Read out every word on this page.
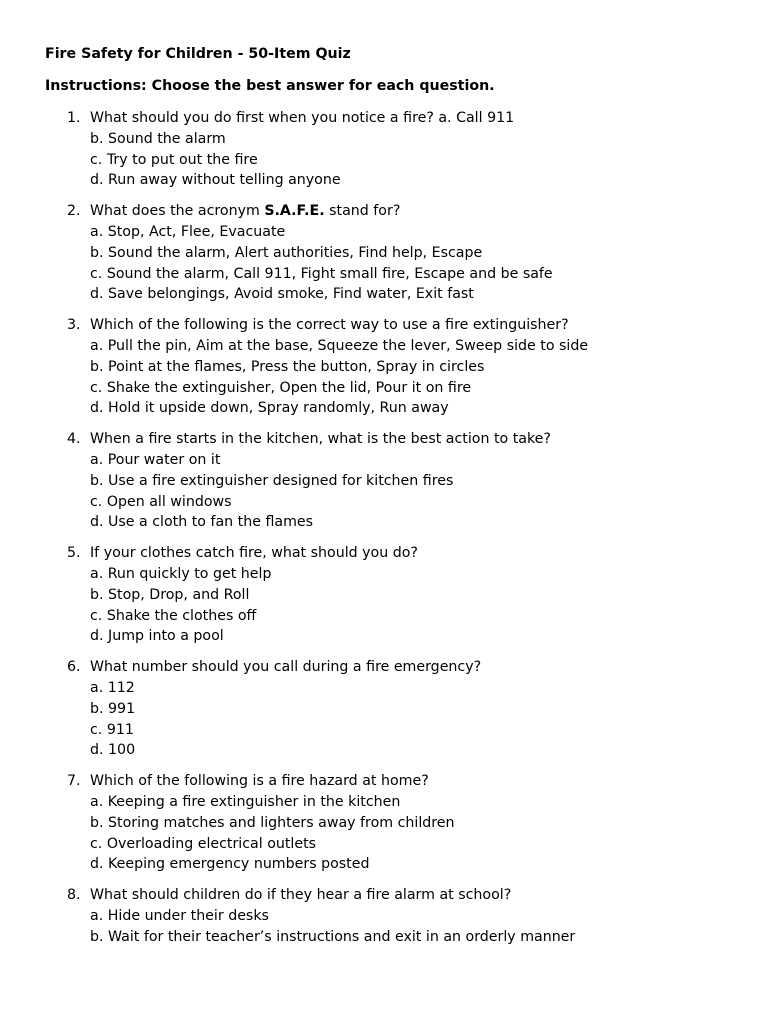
Fire Safety for Children - 50-Item Quiz
Instructions: Choose the best answer for each question.
1. What should you do first when you notice a fire? a. Call 911
b. Sound the alarm
c. Try to put out the fire
d. Run away without telling anyone
2. What does the acronym S.A.F.E. stand for?
a. Stop, Act, Flee, Evacuate
b. Sound the alarm, Alert authorities, Find help, Escape
c. Sound the alarm, Call 911, Fight small fire, Escape and be safe
d. Save belongings, Avoid smoke, Find water, Exit fast
3. Which of the following is the correct way to use a fire extinguisher?
a. Pull the pin, Aim at the base, Squeeze the lever, Sweep side to side
b. Point at the flames, Press the button, Spray in circles
c. Shake the extinguisher, Open the lid, Pour it on fire
d. Hold it upside down, Spray randomly, Run away
4. When a fire starts in the kitchen, what is the best action to take?
a. Pour water on it
b. Use a fire extinguisher designed for kitchen fires
c. Open all windows
d. Use a cloth to fan the flames
5. If your clothes catch fire, what should you do?
a. Run quickly to get help
b. Stop, Drop, and Roll
c. Shake the clothes off
d. Jump into a pool
6. What number should you call during a fire emergency?
a. 112
b. 991
c. 911
d. 100
7. Which of the following is a fire hazard at home?
a. Keeping a fire extinguisher in the kitchen
b. Storing matches and lighters away from children
c. Overloading electrical outlets
d. Keeping emergency numbers posted
8. What should children do if they hear a fire alarm at school?
a. Hide under their desks
b. Wait for their teacher’s instructions and exit in an orderly manner
